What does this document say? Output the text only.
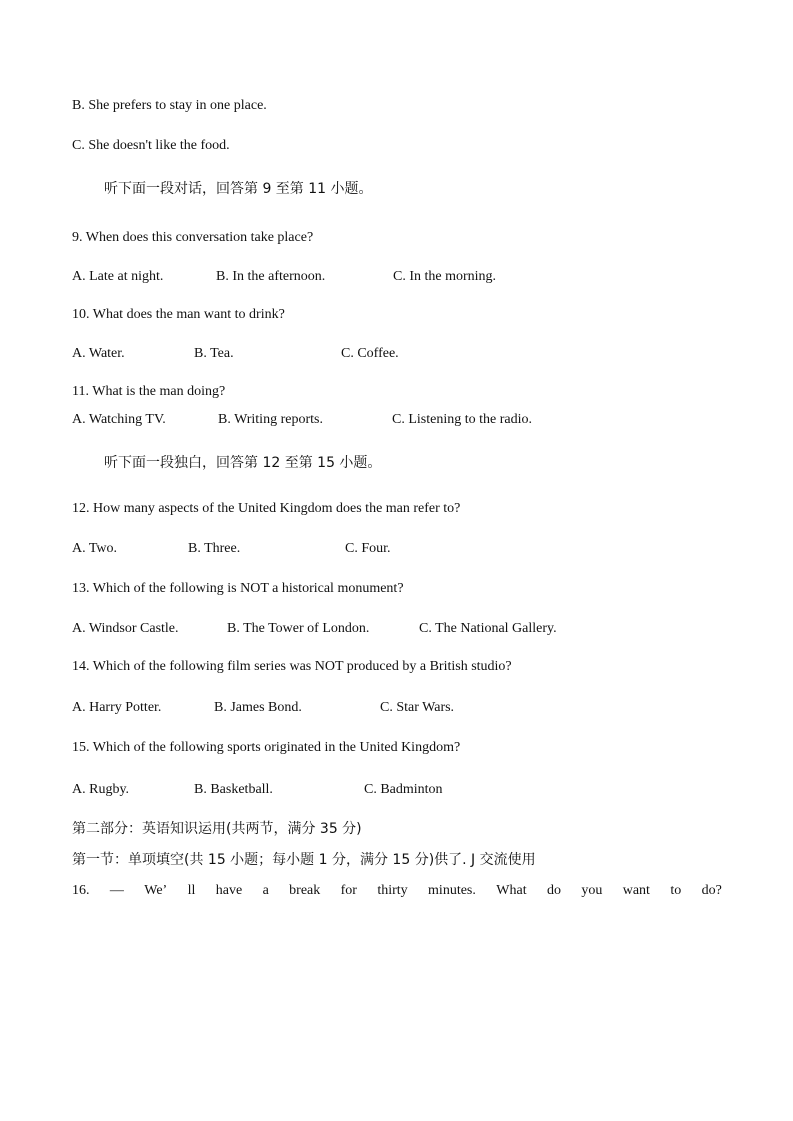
B. She prefers to stay in one place.
C. She doesn't like the food.
听下面一段对话，回答第 9 至第 11 小题。
9. When does this conversation take place?
A. Late at night.	B. In the afternoon.	C. In the morning.
10. What does the man want to drink?
A. Water.	B. Tea.	C. Coffee.
11. What is the man doing?
A. Watching TV.	B. Writing reports.	C. Listening to the radio.
听下面一段独白，回答第 12 至第 15 小题。
12. How many aspects of the United Kingdom does the man refer to?
A. Two.	B. Three.	C. Four.
13. Which of the following is NOT a historical monument?
A. Windsor Castle.	B. The Tower of London.	C. The National Gallery.
14. Which of the following film series was NOT produced by a British studio?
A. Harry Potter.	B. James Bond.	C. Star Wars.
15. Which of the following sports originated in the United Kingdom?
A. Rugby.	B. Basketball.	C. Badminton
第二部分：英语知识运用(共两节，满分 35 分)
第一节：单项填空(共 15 小题；每小题 1 分，满分 15 分)供了. J 交流使用
16. — We’ ll have a break for thirty minutes. What do you want to do?
